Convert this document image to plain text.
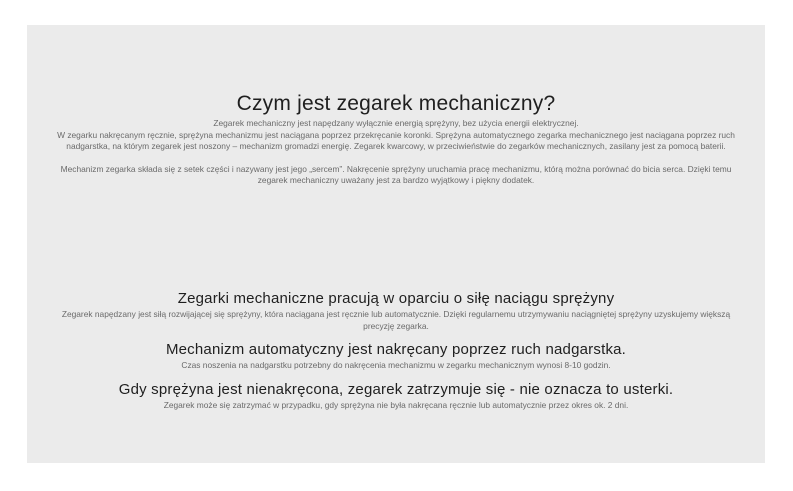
Czym jest zegarek mechaniczny?

Zegarek mechaniczny jest napędzany wyłącznie energią sprężyny, bez użycia energii elektrycznej.
W zegarku nakręcanym ręcznie, sprężyna mechanizmu jest naciągana poprzez przekręcanie koronki. Sprężyna automatycznego zegarka mechanicznego jest naciągana poprzez ruch nadgarstka, na którym zegarek jest noszony – mechanizm gromadzi energię. Zegarek kwarcowy, w przeciwieństwie do zegarków mechanicznych, zasilany jest za pomocą baterii.

Mechanizm zegarka składa się z setek części i nazywany jest jego „sercem”. Nakręcenie sprężyny uruchamia pracę mechanizmu, którą można porównać do bicia serca. Dzięki temu zegarek mechaniczny uważany jest za bardzo wyjątkowy i piękny dodatek.

Zegarki mechaniczne pracują w oparciu o siłę naciągu sprężyny

Zegarek napędzany jest siłą rozwijającej się sprężyny, która naciągana jest ręcznie lub automatycznie. Dzięki regularnemu utrzymywaniu naciągniętej sprężyny uzyskujemy większą precyzję zegarka.

Mechanizm automatyczny jest nakręcany poprzez ruch nadgarstka.

Czas noszenia na nadgarstku potrzebny do nakręcenia mechanizmu w zegarku mechanicznym wynosi 8-10 godzin.

Gdy sprężyna jest nienakręcona, zegarek zatrzymuje się - nie oznacza to usterki.

Zegarek może się zatrzymać w przypadku, gdy sprężyna nie była nakręcana ręcznie lub automatycznie przez okres ok. 2 dni.
